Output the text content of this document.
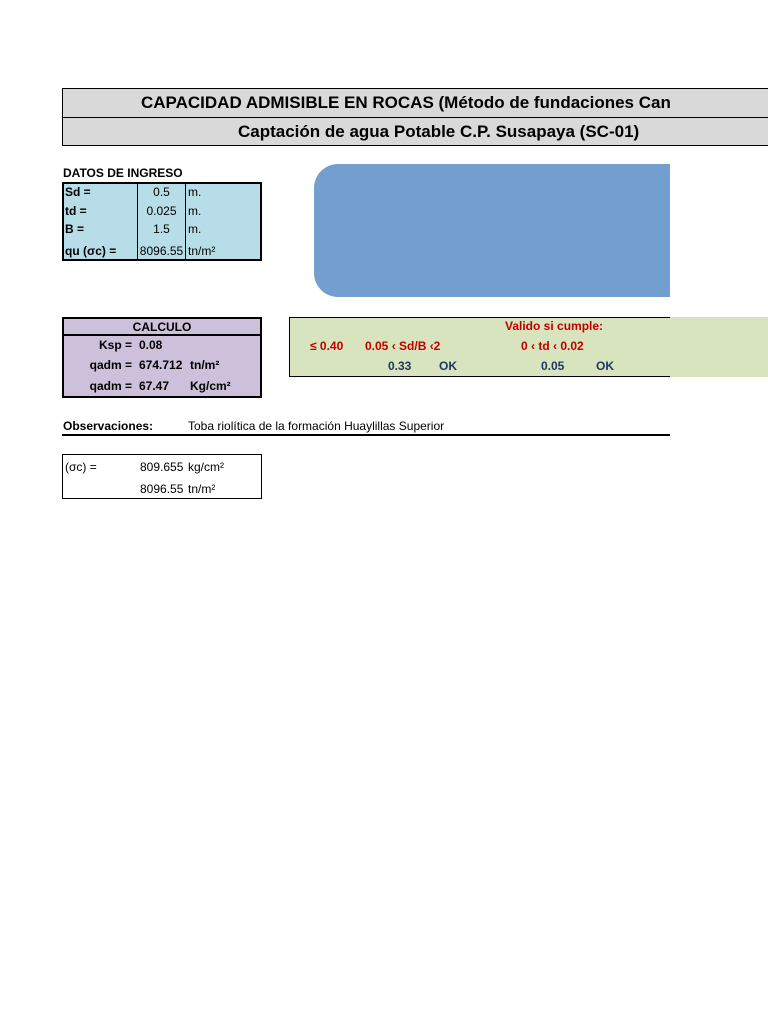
CAPACIDAD ADMISIBLE EN ROCAS (Método de fundaciones Can
Captación de agua Potable C.P. Susapaya (SC-01)
DATOS DE INGRESO
Sd =	0.5	m.
td =	0.025 m.
B =	1.5	m.
qu (σc) = 8096.55 tn/m²
CALCULO
Ksp = 0.08
qadm = 674.712 tn/m²
qadm = 67.47 Kg/cm²
Valido si cumple:
≤ 0.40 0.05 ‹ Sd/B ‹2	0 ‹ td ‹ 0.02
0.33 OK	0.05	OK
Observaciones:	Toba riolítica de la formación Huaylillas Superior
(σc) =	809.655 kg/cm²
8096.55 tn/m²
